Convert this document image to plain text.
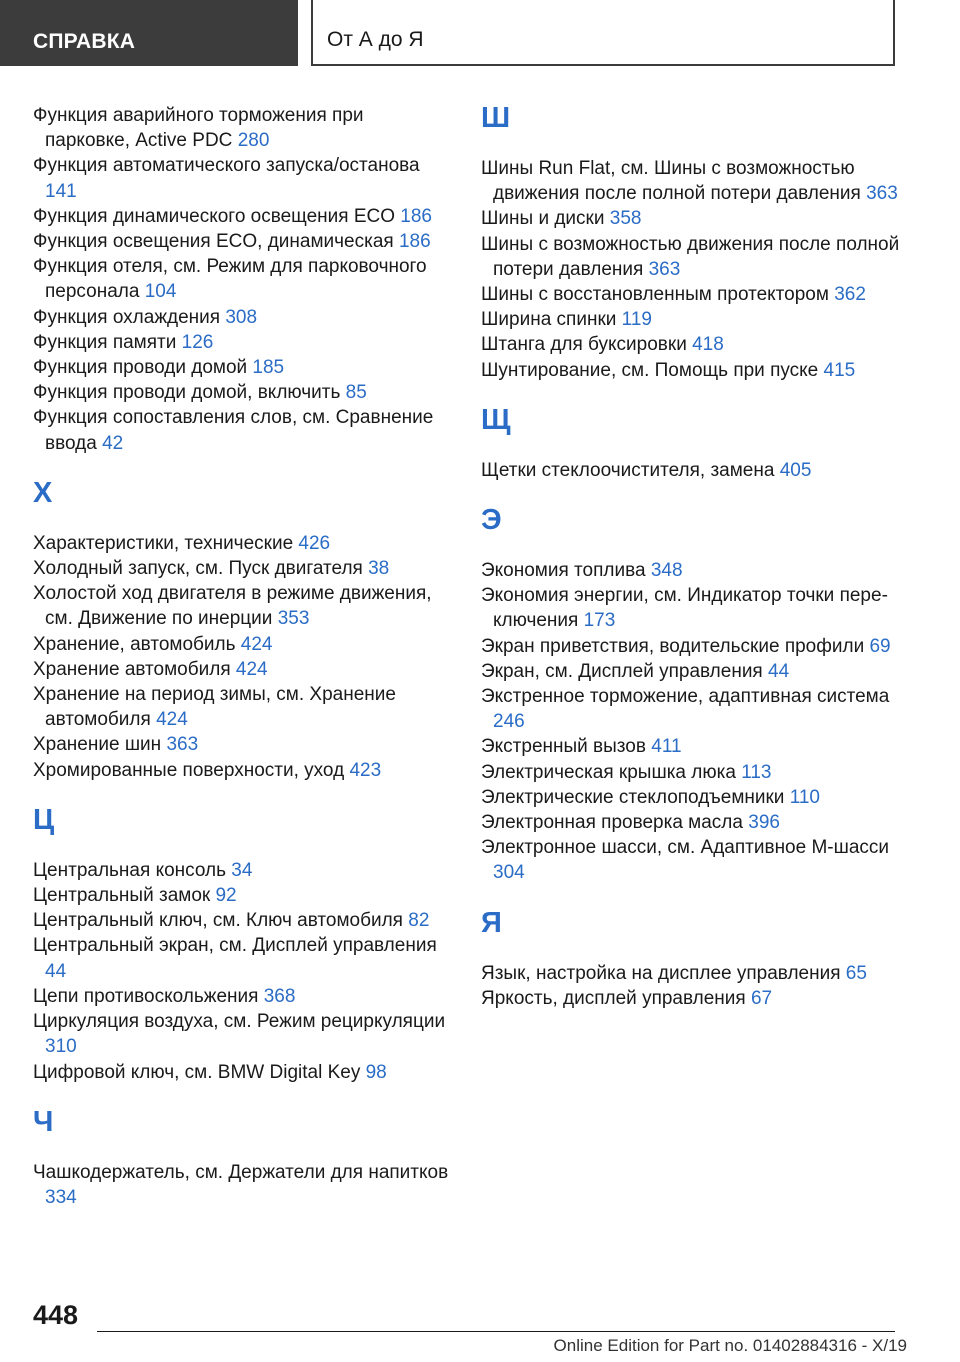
СПРАВКА	От А до Я
Функция аварийного торможения при парковке, Active PDC 280
Функция автоматического запуска/останова 141
Функция динамического освещения ECO 186
Функция освещения ECO, динамическая 186
Функция отеля, см. Режим для парковочного персонала 104
Функция охлаждения 308
Функция памяти 126
Функция проводи домой 185
Функция проводи домой, включить 85
Функция сопоставления слов, см. Сравнение ввода 42
Х
Характеристики, технические 426
Холодный запуск, см. Пуск двигателя 38
Холостой ход двигателя в режиме движения, см. Движение по инерции 353
Хранение, автомобиль 424
Хранение автомобиля 424
Хранение на период зимы, см. Хранение автомобиля 424
Хранение шин 363
Хромированные поверхности, уход 423
Ц
Центральная консоль 34
Центральный замок 92
Центральный ключ, см. Ключ автомобиля 82
Центральный экран, см. Дисплей управления 44
Цепи противоскольжения 368
Циркуляция воздуха, см. Режим рециркуляции 310
Цифровой ключ, см. BMW Digital Key 98
Ч
Чашкодержатель, см. Держатели для напитков 334
Ш
Шины Run Flat, см. Шины с возможностью движения после полной потери давления 363
Шины и диски 358
Шины с возможностью движения после полной потери давления 363
Шины с восстановленным протектором 362
Ширина спинки 119
Штанга для буксировки 418
Шунтирование, см. Помощь при пуске 415
Щ
Щетки стеклоочистителя, замена 405
Э
Экономия топлива 348
Экономия энергии, см. Индикатор точки переключения 173
Экран приветствия, водительские профили 69
Экран, см. Дисплей управления 44
Экстренное торможение, адаптивная система 246
Экстренный вызов 411
Электрическая крышка люка 113
Электрические стеклоподъемники 110
Электронная проверка масла 396
Электронное шасси, см. Адаптивное M-шасси 304
Я
Язык, настройка на дисплее управления 65
Яркость, дисплей управления 67
448
Online Edition for Part no. 01402884316 - X/19
